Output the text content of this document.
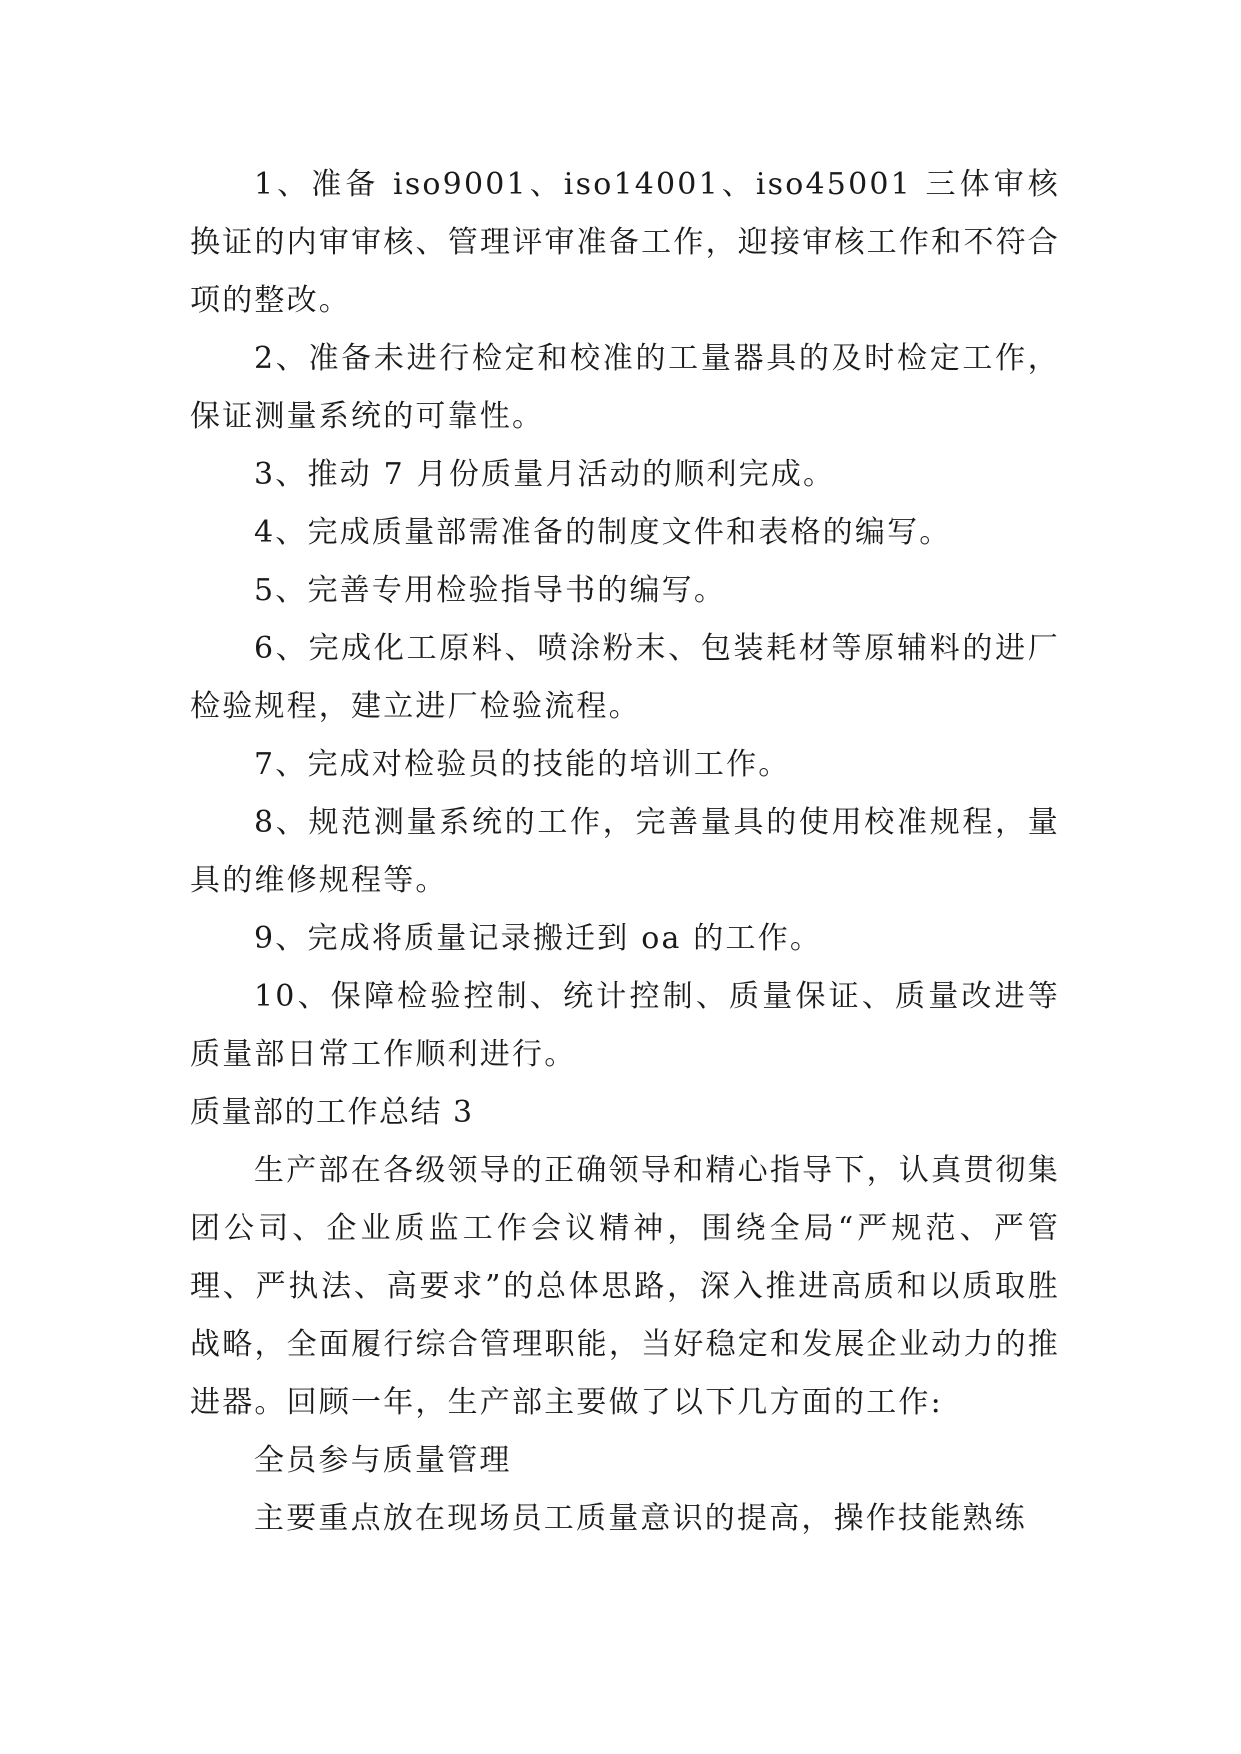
1、准备 iso9001、iso14001、iso45001 三体审核换证的内审审核、管理评审准备工作，迎接审核工作和不符合项的整改。

2、准备未进行检定和校准的工量器具的及时检定工作，保证测量系统的可靠性。

3、推动 7 月份质量月活动的顺利完成。

4、完成质量部需准备的制度文件和表格的编写。

5、完善专用检验指导书的编写。

6、完成化工原料、喷涂粉末、包装耗材等原辅料的进厂检验规程，建立进厂检验流程。

7、完成对检验员的技能的培训工作。

8、规范测量系统的工作，完善量具的使用校准规程，量具的维修规程等。

9、完成将质量记录搬迁到 oa 的工作。

10、保障检验控制、统计控制、质量保证、质量改进等质量部日常工作顺利进行。

质量部的工作总结 3

生产部在各级领导的正确领导和精心指导下，认真贯彻集团公司、企业质监工作会议精神，围绕全局“严规范、严管理、严执法、高要求”的总体思路，深入推进高质和以质取胜战略，全面履行综合管理职能，当好稳定和发展企业动力的推进器。回顾一年，生产部主要做了以下几方面的工作:

全员参与质量管理

主要重点放在现场员工质量意识的提高，操作技能熟练
